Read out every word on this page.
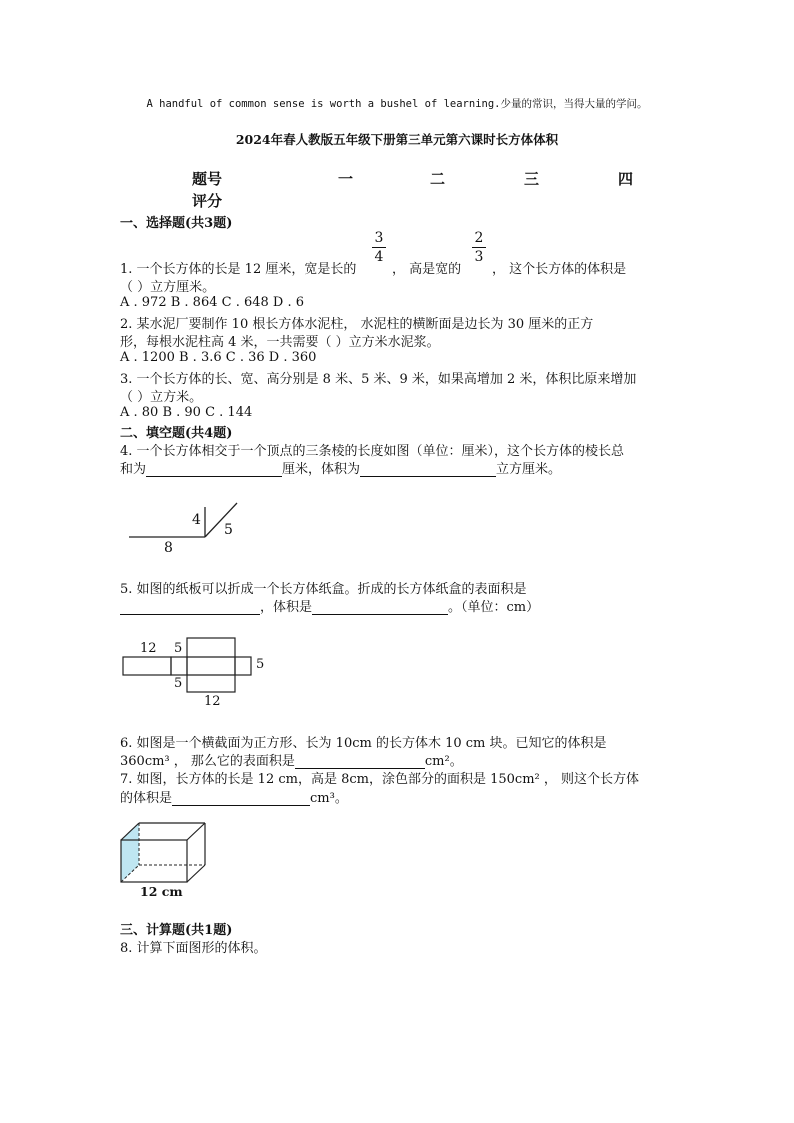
A handful of common sense is worth a bushel of learning.少量的常识，当得大量的学问。
2024年春人教版五年级下册第三单元第六课时长方体体积
题号	一	二	三	四
评分
一、选择题(共3题)
3
4
2
3
1. 一个长方体的长是 12 厘米，宽是长的	， 高是宽的 ， 这个长方体的体积是
（ ）立方厘米。
A . 972 B . 864 C . 648 D . 6
2. 某水泥厂要制作 10 根长方体水泥柱， 水泥柱的横断面是边长为 30 厘米的正方
形，每根水泥柱高 4 米，一共需要（ ）立方米水泥浆。
A . 1200 B . 3.6 C . 36 D . 360
3. 一个长方体的长、宽、高分别是 8 米、5 米、9 米，如果高增加 2 米，体积比原来增加
（ ）立方米。
A . 80 B . 90 C . 144
二、填空题(共4题)
4. 一个长方体相交于一个顶点的三条棱的长度如图（单位：厘米），这个长方体的棱长总
和为	厘米，体积为	立方厘米。
4
5
8
5. 如图的纸板可以折成一个长方体纸盒。折成的长方体纸盒的表面积是
，体积是	。（单位：cm）
12 5
5
5
12
6. 如图是一个横截面为正方形、长为 10cm 的长方体木 10 cm 块。已知它的体积是
360cm³ ， 那么它的表面积是	cm²。
7. 如图，长方体的长是 12 cm，高是 8cm，涂色部分的面积是 150cm² ， 则这个长方体
的体积是	cm³。
12 cm
三、计算题(共1题)
8. 计算下面图形的体积。
